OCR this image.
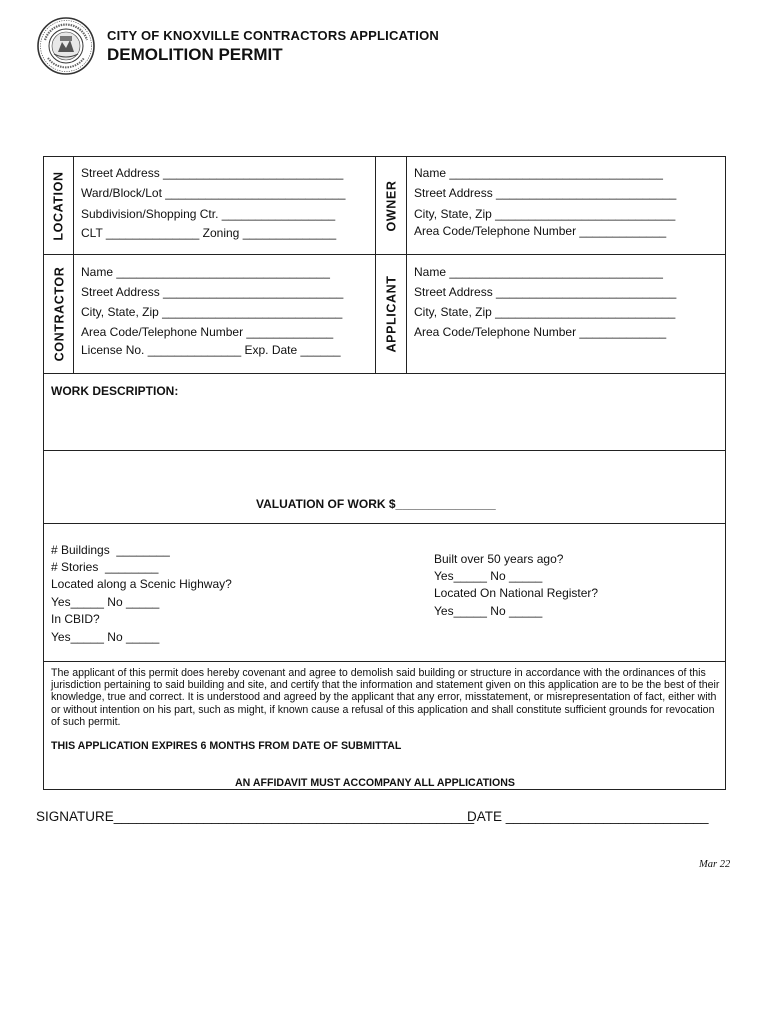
CITY OF KNOXVILLE CONTRACTORS APPLICATION
DEMOLITION PERMIT
LOCATION	OWNER
CONTRACTOR	APPLICANT
Street Address ___________________________
Ward/Block/Lot ___________________________
Subdivision/Shopping Ctr. _________________
CLT ______________ Zoning ______________
Name ________________________________
Street Address ___________________________
City, State, Zip ___________________________
Area Code/Telephone Number _____________
Name ________________________________
Street Address ___________________________
City, State, Zip ___________________________
Area Code/Telephone Number _____________
License No. ______________ Exp. Date ______
Name ________________________________
Street Address ___________________________
City, State, Zip ___________________________
Area Code/Telephone Number _____________
WORK DESCRIPTION:
VALUATION OF WORK $_______________
# Buildings  ________
# Stories  ________
Located along a Scenic Highway?
Yes_____ No _____
In CBID?
Yes_____ No _____
Built over 50 years ago?
Yes_____ No _____
Located On National Register?
Yes_____ No _____
The applicant of this permit does hereby covenant and agree to demolish said building or structure in accordance with the ordinances of this jurisdiction pertaining to said building and site, and certify that the information and statement given on this application are to be the best of their knowledge, true and correct. It is understood and agreed by the applicant that any error, misstatement, or misrepresentation of fact, either with or without intention on his part, such as might, if known cause a refusal of this application and shall constitute sufficient grounds for revocation of such permit.
THIS APPLICATION EXPIRES 6 MONTHS FROM DATE OF SUBMITTAL
AN AFFIDAVIT MUST ACCOMPANY ALL APPLICATIONS
SIGNATURE________________________________________________
DATE ___________________________
Mar 22
